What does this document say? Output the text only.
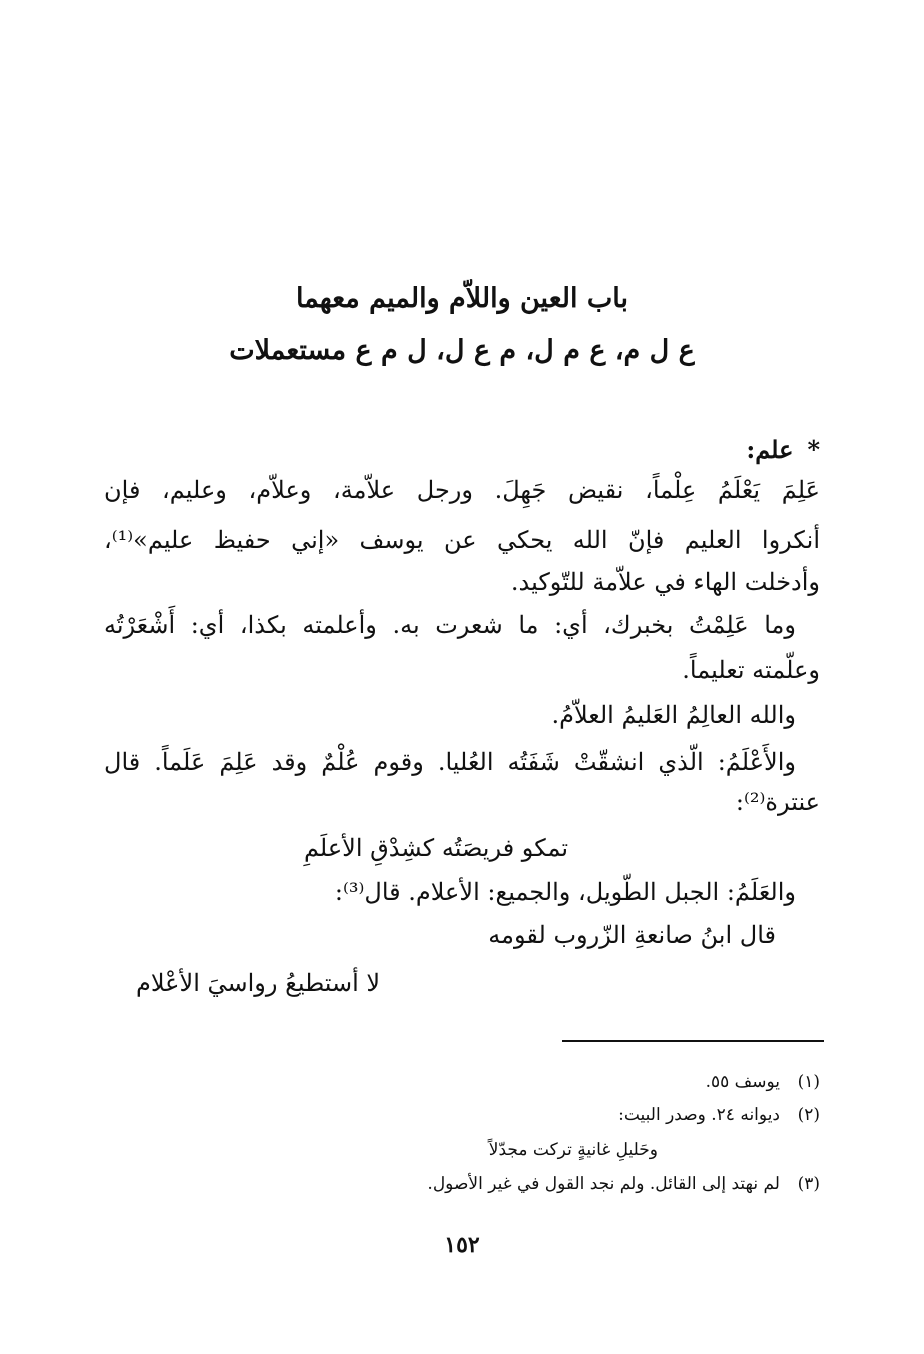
باب العين واللاّم والميم معهما
ع ل م، ع م ل، م ع ل، ل م ع مستعملات
*علم:
عَلِمَ يَعْلَمُ عِلْماً، نقيض جَهِلَ. ورجل علاّمة، وعلاّم، وعليم، فإن
أنكروا العليم فإنّ الله يحكي عن يوسف «إني حفيظ عليم»⁽¹⁾،
وأدخلت الهاء في علاّمة للتّوكيد.
وما عَلِمْتُ بخبرك، أي: ما شعرت به. وأعلمته بكذا، أي: أَشْعَرْتُه
وعلّمته تعليماً.
والله العالِمُ العَليمُ العلاّمُ.
والأَعْلَمُ: الّذي انشقّتْ شَفَتُه العُليا. وقوم عُلْمٌ وقد عَلِمَ عَلَماً. قال
عنترة⁽²⁾:
تمكو فريصَتُه كشِدْقِ الأعلَمِ
والعَلَمُ: الجبل الطّويل، والجميع: الأعلام. قال⁽³⁾:
قال ابنُ صانعةِ الزّروب لقومه
لا أستطيعُ رواسيَ الأعْلام
(١)يوسف ٥٥.
(٢)ديوانه ٢٤. وصدر البيت:
وحَليلِ غانيةٍ تركت مجدّلاً
(٣)لم نهتد إلى القائل. ولم نجد القول في غير الأصول.
١٥٢
